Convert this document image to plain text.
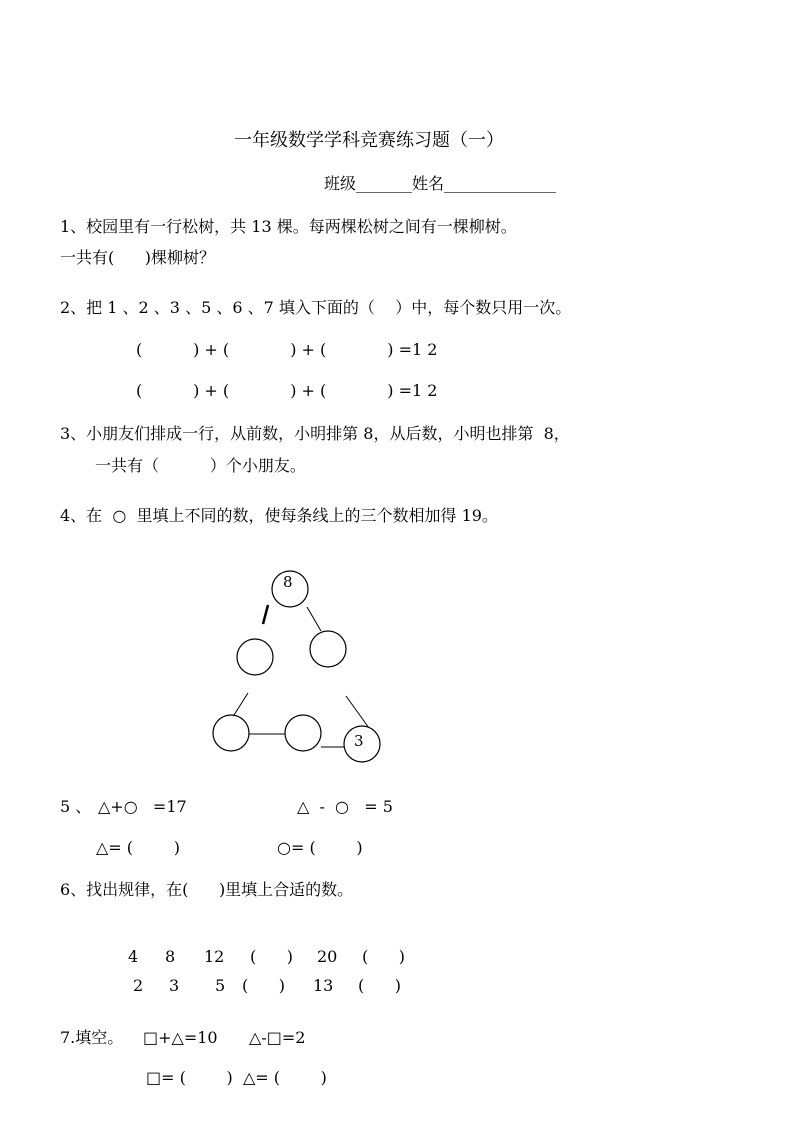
一年级数学学科竞赛练习题（一）
班级_______姓名______________
1、校园里有一行松树，共 13 棵。每两棵松树之间有一棵柳树。
一共有(      )棵柳树？
2、把 1 、2 、3 、5 、6 、7 填入下面的（    ）中，每个数只用一次。
(          ) + (            ) + (            ) =1 2
(          ) + (            ) + (            ) =1 2
3、小朋友们排成一行，从前数，小明排第 8，从后数，小明也排第  8，
一共有（          ）个小朋友。
4、在  ○  里填上不同的数，使每条线上的三个数相加得 19。
8
3
5 、 △+○   =17	△  -  ○   = 5
△= (        )	○= (        )
6、找出规律，在(      )里填上合适的数。
4 8 12 (      ) 20 (      )
2 3 5 (      ) 13 (      )
7.填空。 □+△=10 △-□=2
□= (        )  △= (        )
